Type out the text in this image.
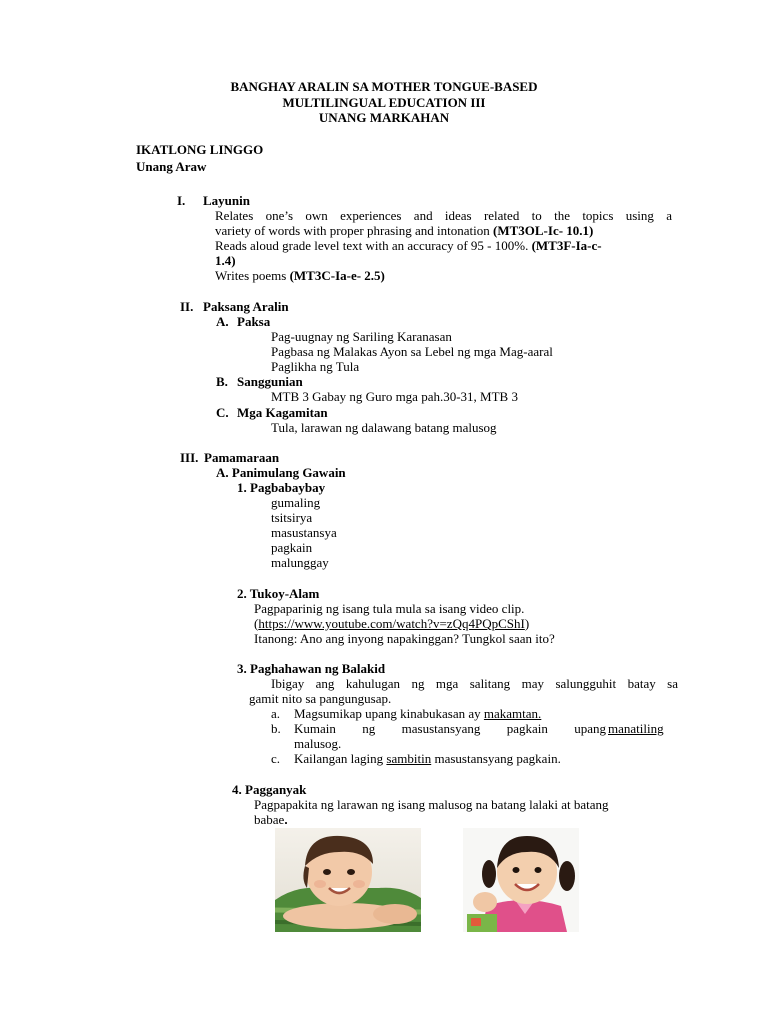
BANGHAY ARALIN SA MOTHER TONGUE-BASED
MULTILINGUAL EDUCATION III
UNANG MARKAHAN
IKATLONG LINGGO
Unang Araw
I. Layunin
Relates one’s own experiences and ideas related to the topics using a
variety of words with proper phrasing and intonation (MT3OL-Ic- 10.1)
Reads aloud grade level text with an accuracy of 95 - 100%. (MT3F-Ia-c-
1.4)
Writes poems (MT3C-Ia-e- 2.5)
II. Paksang Aralin
A. Paksa
Pag-uugnay ng Sariling Karanasan
Pagbasa ng Malakas Ayon sa Lebel ng mga Mag-aaral
Paglikha ng Tula
B. Sanggunian
MTB 3 Gabay ng Guro mga pah.30-31, MTB 3
C. Mga Kagamitan
Tula, larawan ng dalawang batang malusog
III. Pamamaraan
A. Panimulang Gawain
1. Pagbabaybay
gumaling
tsitsirya
masustansya
pagkain
malunggay
2. Tukoy-Alam
Pagpaparinig ng isang tula mula sa isang video clip.
(https://www.youtube.com/watch?v=zQq4PQpCShI)
Itanong: Ano ang inyong napakinggan? Tungkol saan ito?
3. Paghahawan ng Balakid
Ibigay ang kahulugan ng mga salitang may salungguhit batay sa
gamit nito sa pangungusap.
a. Magsumikap upang kinabukasan ay makamtan.
b. Kumain ng masustansyang pagkain upang manatiling
malusog.
c. Kailangan laging sambitin masustansyang pagkain.
4. Pagganyak
Pagpapakita ng larawan ng isang malusog na batang lalaki at batang
babae.
